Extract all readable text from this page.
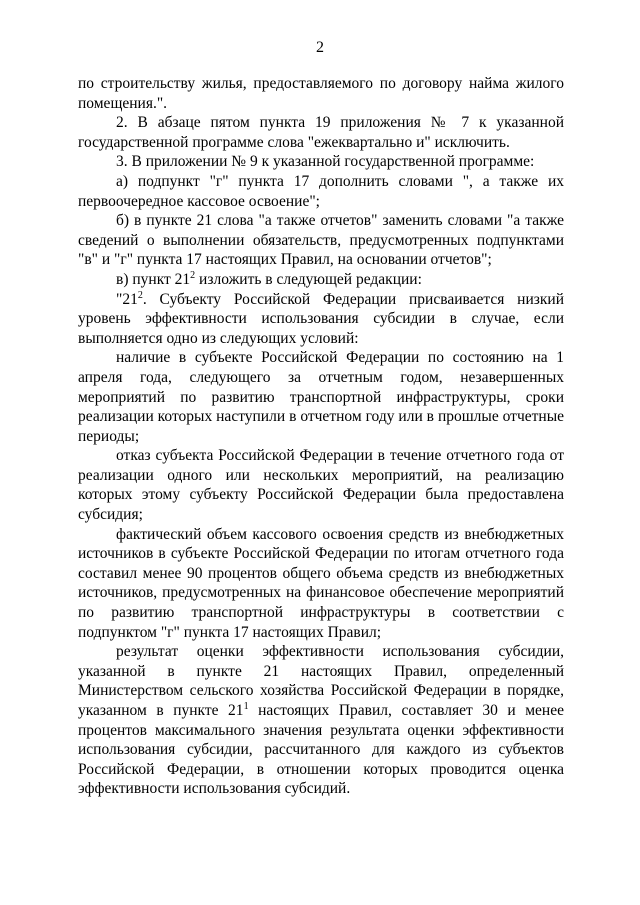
2

по строительству жилья, предоставляемого по договору найма жилого помещения.".

2. В абзаце пятом пункта 19 приложения № 7 к указанной государственной программе слова "ежеквартально и" исключить.

3. В приложении № 9 к указанной государственной программе:

а) подпункт "г" пункта 17 дополнить словами ", а также их первоочередное кассовое освоение";

б) в пункте 21 слова "а также отчетов" заменить словами "а также сведений о выполнении обязательств, предусмотренных подпунктами "в" и "г" пункта 17 настоящих Правил, на основании отчетов";

в) пункт $21^2$ изложить в следующей редакции:

"$21^2$. Субъекту Российской Федерации присваивается низкий уровень эффективности использования субсидии в случае, если выполняется одно из следующих условий:

наличие в субъекте Российской Федерации по состоянию на 1 апреля года, следующего за отчетным годом, незавершенных мероприятий по развитию транспортной инфраструктуры, сроки реализации которых наступили в отчетном году или в прошлые отчетные периоды;

отказ субъекта Российской Федерации в течение отчетного года от реализации одного или нескольких мероприятий, на реализацию которых этому субъекту Российской Федерации была предоставлена субсидия;

фактический объем кассового освоения средств из внебюджетных источников в субъекте Российской Федерации по итогам отчетного года составил менее 90 процентов общего объема средств из внебюджетных источников, предусмотренных на финансовое обеспечение мероприятий по развитию транспортной инфраструктуры в соответствии с подпунктом "г" пункта 17 настоящих Правил;

результат оценки эффективности использования субсидии, указанной в пункте 21 настоящих Правил, определенный Министерством сельского хозяйства Российской Федерации в порядке, указанном в пункте $21^1$ настоящих Правил, составляет 30 и менее процентов максимального значения результата оценки эффективности использования субсидии, рассчитанного для каждого из субъектов Российской Федерации, в отношении которых проводится оценка эффективности использования субсидий.
